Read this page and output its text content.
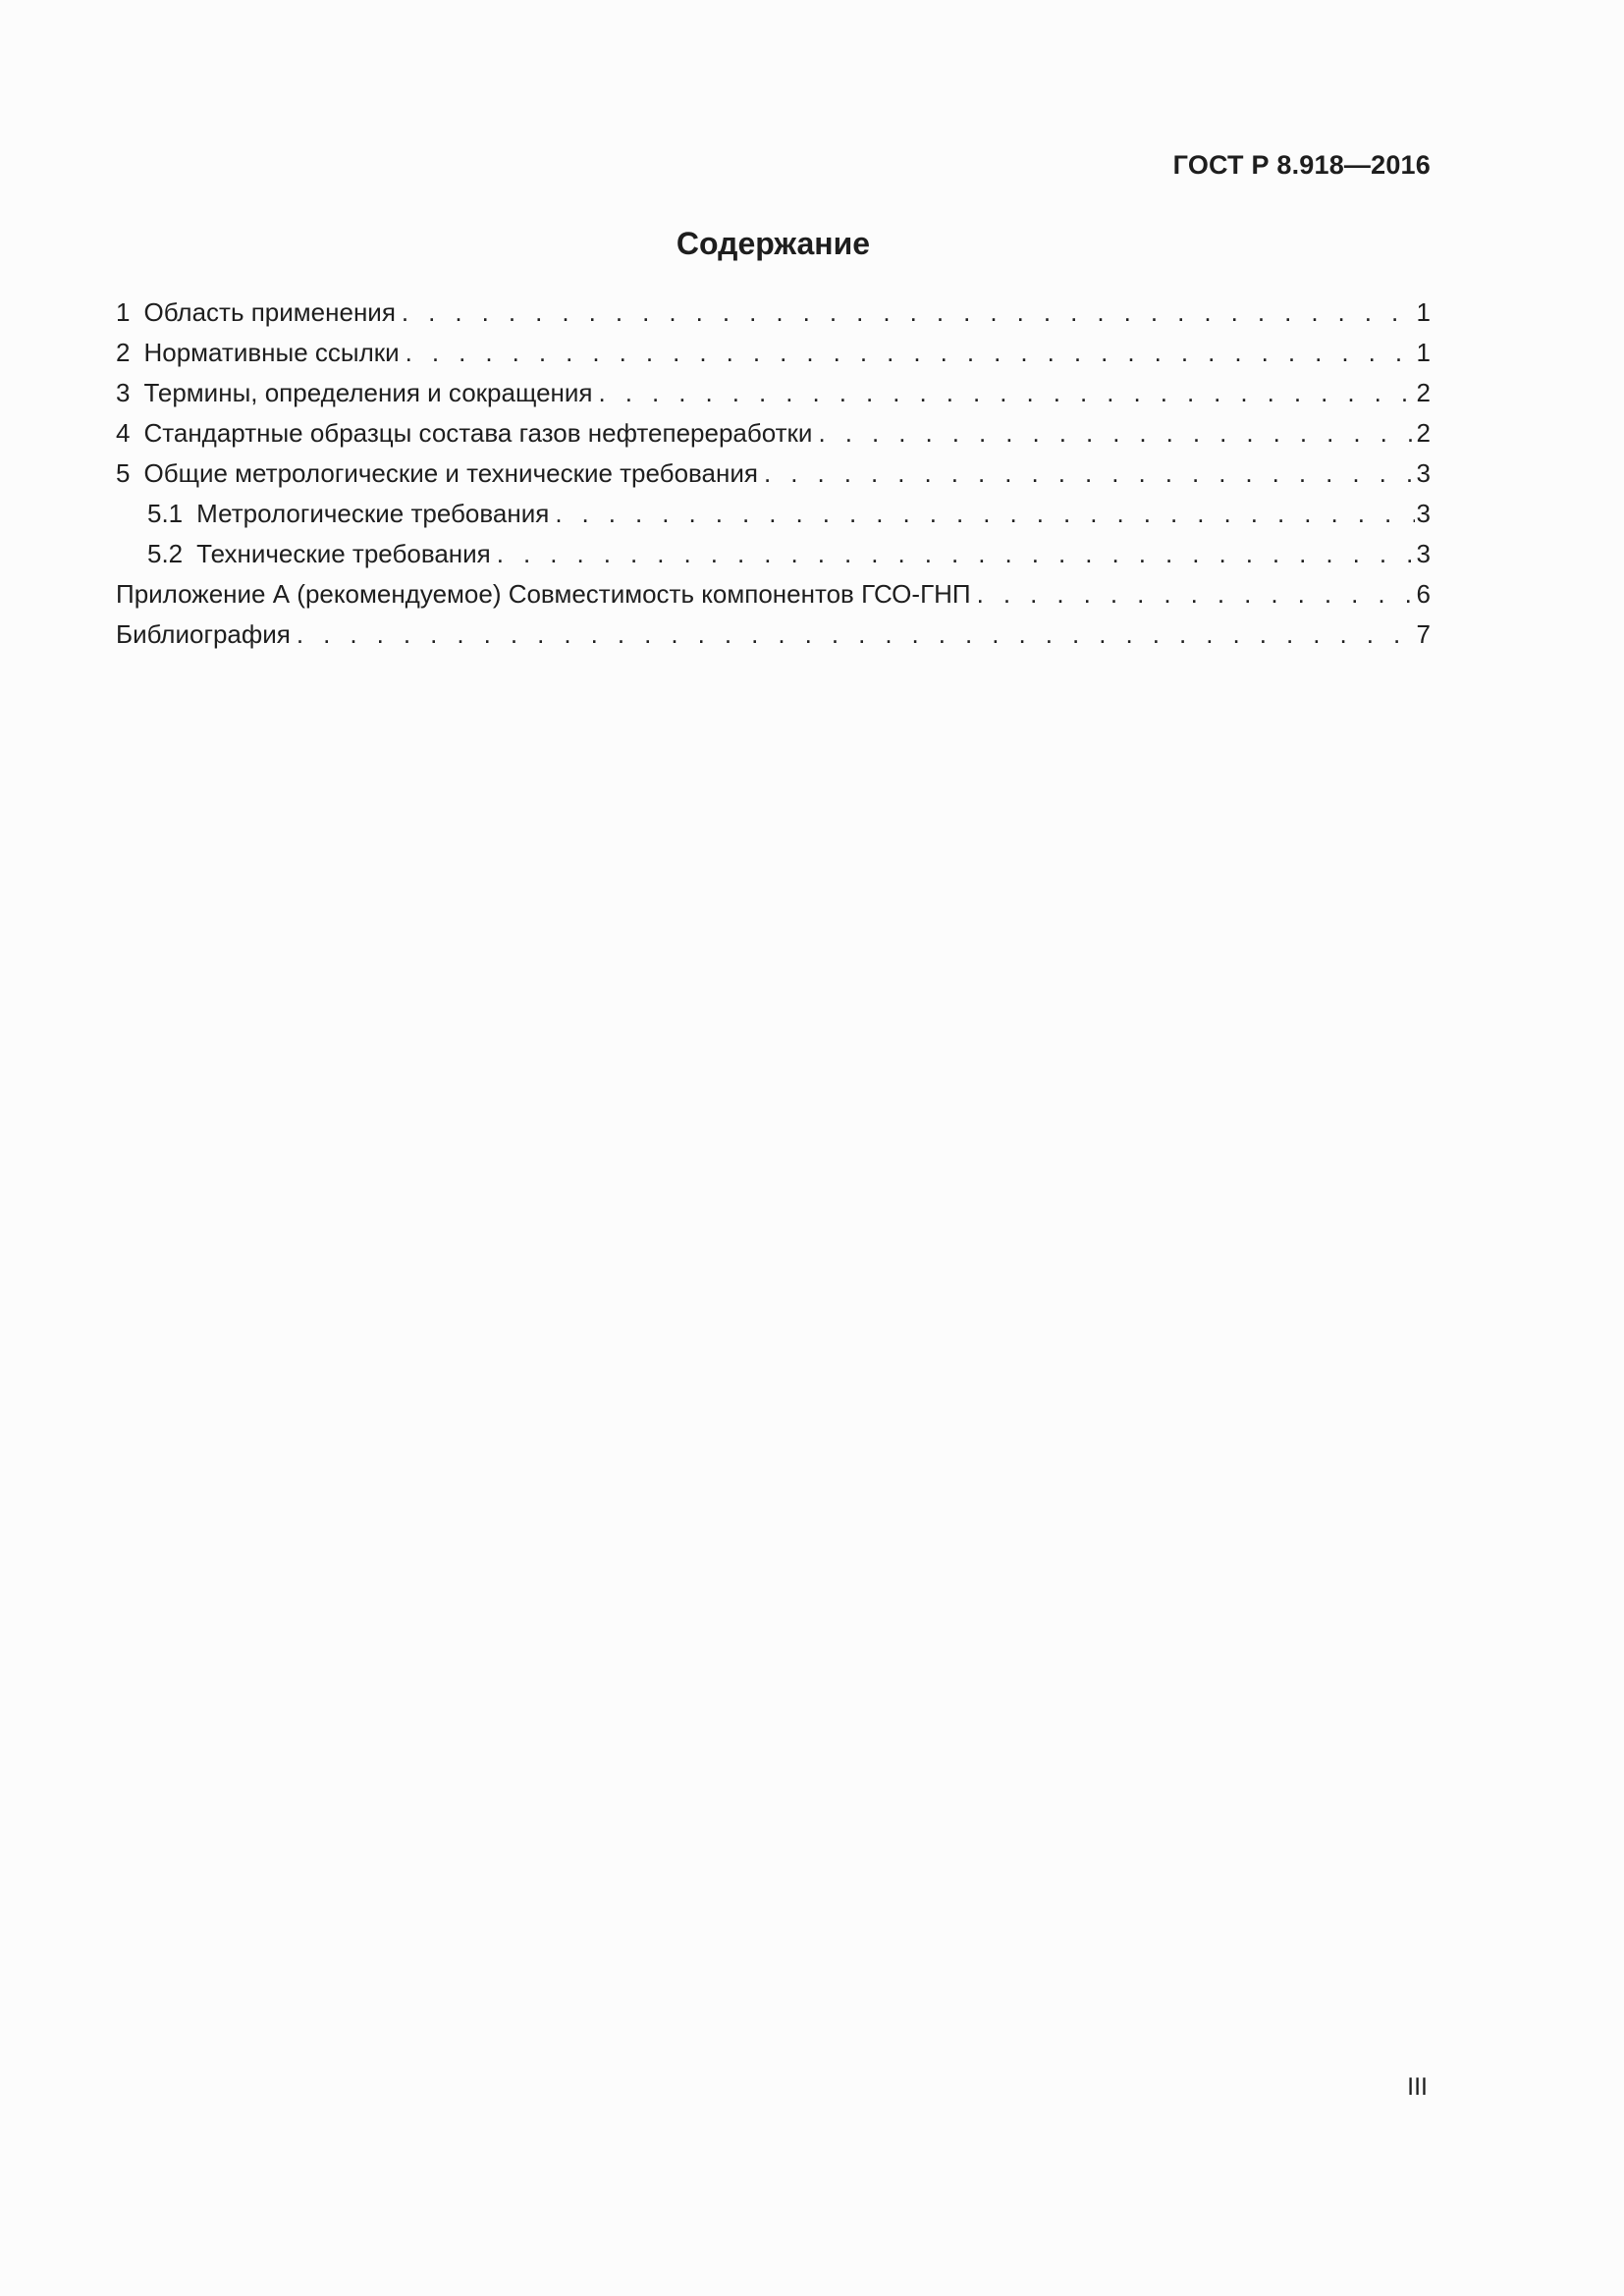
ГОСТ Р 8.918—2016
Содержание
1 Область применения . . .	1
2 Нормативные ссылки . . .	1
3 Термины, определения и сокращения . . .	2
4 Стандартные образцы состава газов нефтепереработки . . .	2
5 Общие метрологические и технические требования . . .	3
5.1 Метрологические требования . . .	3
5.2 Технические требования . . .	3
Приложение А (рекомендуемое) Совместимость компонентов ГСО-ГНП . . .	6
Библиография . . .	7
III
